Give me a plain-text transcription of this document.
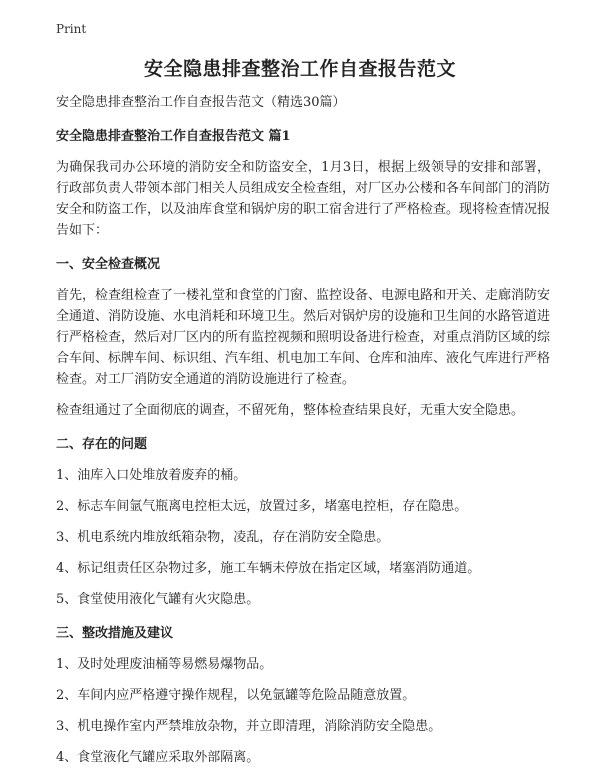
Print
安全隐患排查整治工作自查报告范文

安全隐患排查整治工作自查报告范文（精选30篇）

安全隐患排查整治工作自查报告范文 篇1

为确保我司办公环境的消防安全和防盗安全，1月3日，根据上级领导的安排和部署，行政部负责人带领本部门相关人员组成安全检查组，对厂区办公楼和各车间部门的消防安全和防盗工作，以及油库食堂和锅炉房的职工宿舍进行了严格检查。现将检查情况报告如下：

一、安全检查概况

首先，检查组检查了一楼礼堂和食堂的门窗、监控设备、电源电路和开关、走廊消防安全通道、消防设施、水电消耗和环境卫生。然后对锅炉房的设施和卫生间的水路管道进行严格检查，然后对厂区内的所有监控视频和照明设备进行检查，对重点消防区域的综合车间、标牌车间、标识组、汽车组、机电加工车间、仓库和油库、液化气库进行严格检查。对工厂消防安全通道的消防设施进行了检查。

检查组通过了全面彻底的调查，不留死角，整体检查结果良好，无重大安全隐患。

二、存在的问题

1、油库入口处堆放着废弃的桶。

2、标志车间氩气瓶离电控柜太远，放置过多，堵塞电控柜，存在隐患。

3、机电系统内堆放纸箱杂物，凌乱，存在消防安全隐患。

4、标记组责任区杂物过多，施工车辆未停放在指定区域，堵塞消防通道。

5、食堂使用液化气罐有火灾隐患。

三、整改措施及建议

1、及时处理废油桶等易燃易爆物品。

2、车间内应严格遵守操作规程，以免氩罐等危险品随意放置。

3、机电操作室内严禁堆放杂物，并立即清理，消除消防安全隐患。

4、食堂液化气罐应采取外部隔离。
